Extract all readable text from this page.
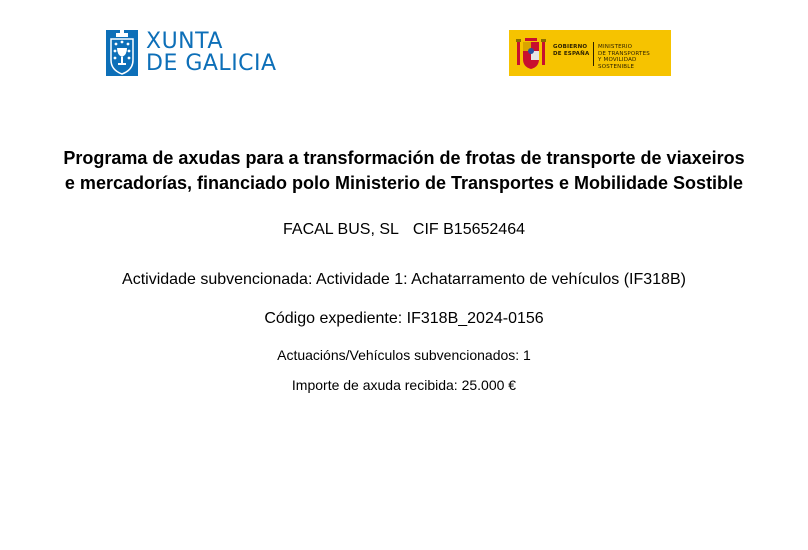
XUNTA
DE GALICIA
GOBIERNO
DE ESPAÑA
MINISTERIO
DE TRANSPORTES
Y MOVILIDAD SOSTENIBLE
Programa de axudas para a transformación de frotas de transporte de viaxeiros
e mercadorías, financiado polo Ministerio de Transportes e Mobilidade Sostible
FACAL BUS, SL CIF B15652464
Actividade subvencionada: Actividade 1: Achatarramento de vehículos (IF318B)
Código expediente: IF318B_2024-0156
Actuacións/Vehículos subvencionados: 1
Importe de axuda recibida: 25.000 €
